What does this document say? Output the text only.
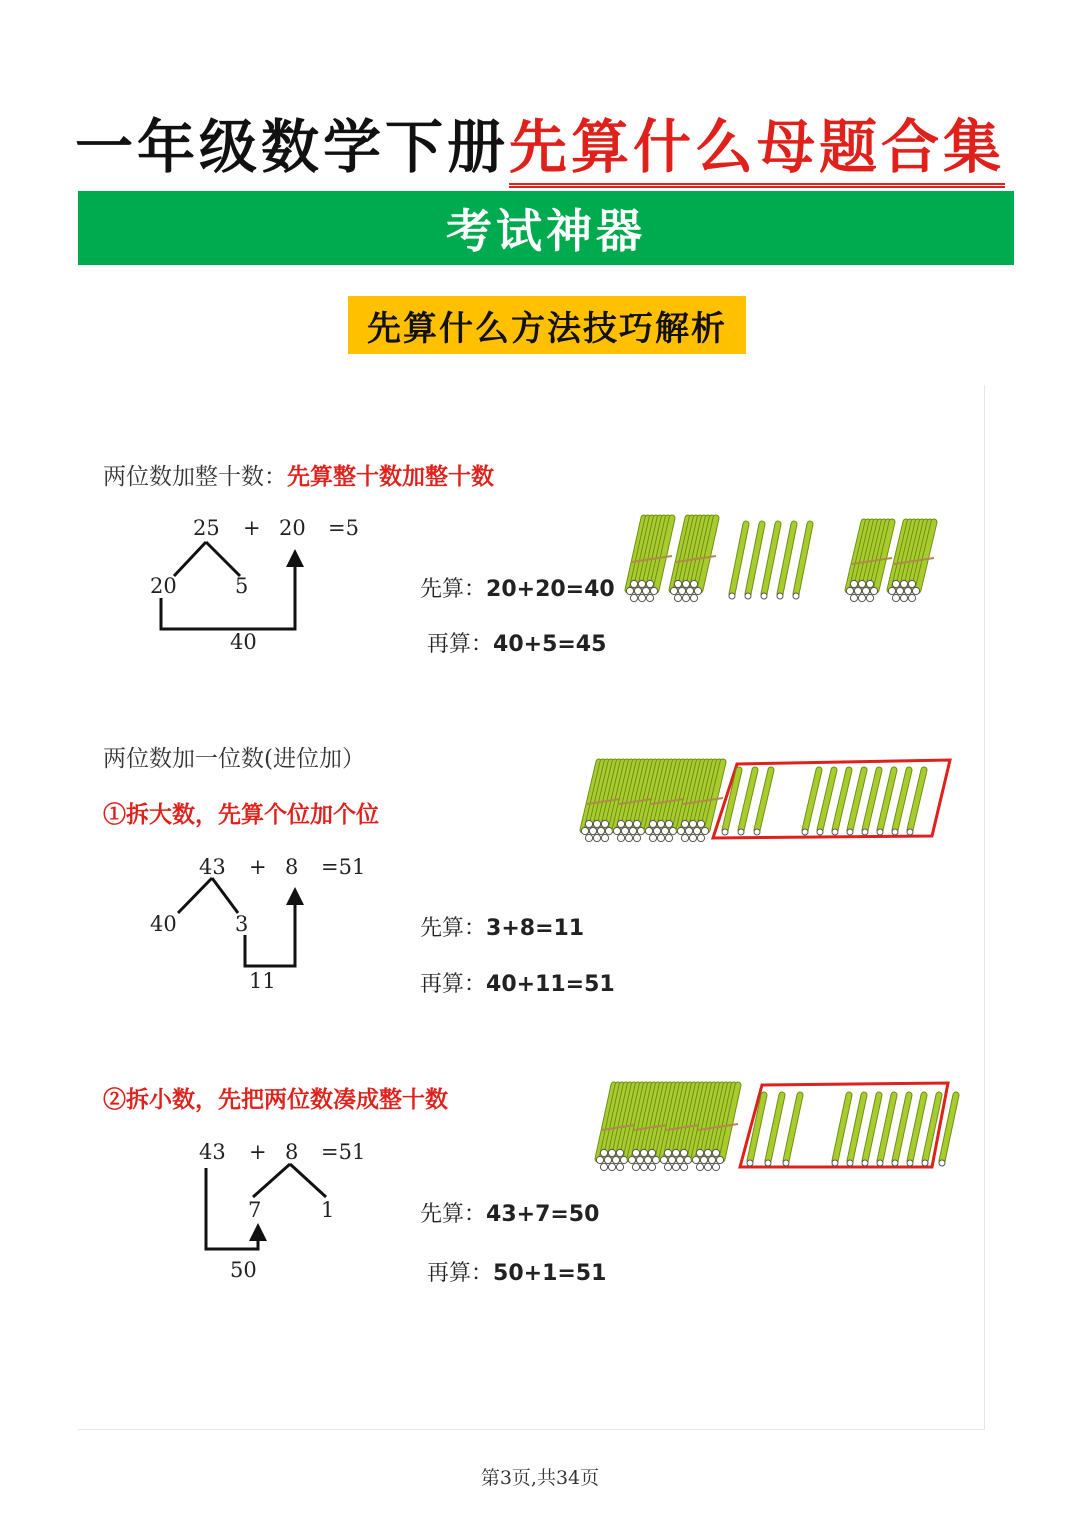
一年级数学下册先算什么母题合集
考试神器
先算什么方法技巧解析
两位数加整十数：先算整十数加整十数
25 + 20 =5
20	5
40
先算：20+20=40
再算：40+5=45
两位数加一位数(进位加）
①拆大数，先算个位加个位
43 + 8 =51
40	3
11
先算：3+8=11
再算：40+11=51
②拆小数，先把两位数凑成整十数
43 + 8 =51
7	1
50
先算：43+7=50
再算：50+1=51
第3页,共34页
